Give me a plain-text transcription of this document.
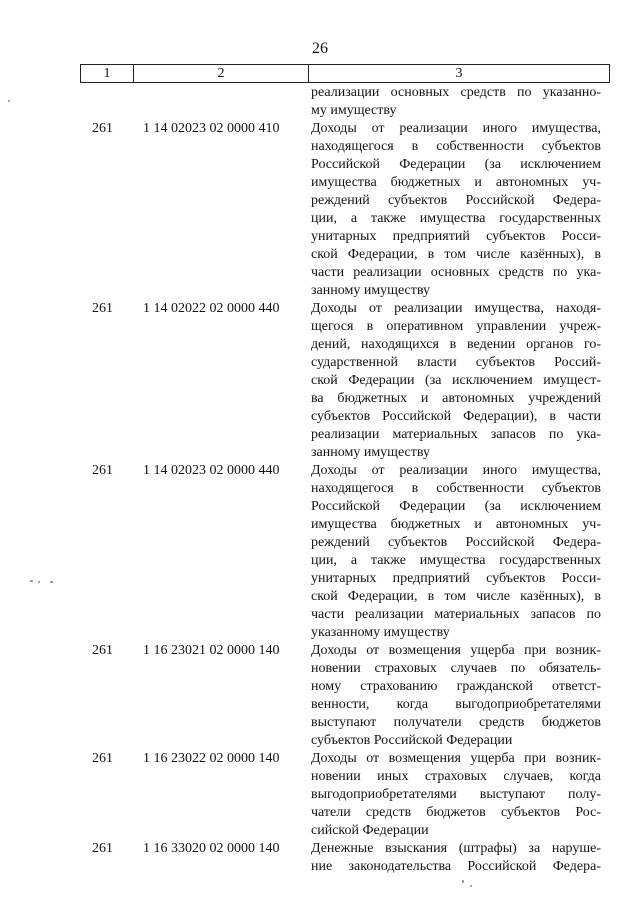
26
1	2	3
реализации основных средств по указанно-
му имуществу
261	1 14 02023 02 0000 410	Доходы от реализации иного имущества,
находящегося в собственности субъектов
Российской Федерации (за исключением
имущества бюджетных и автономных уч-
реждений субъектов Российской Федера-
ции, а также имущества государственных
унитарных предприятий субъектов Росси-
ской Федерации, в том числе казённых), в
части реализации основных средств по ука-
занному имуществу
261	1 14 02022 02 0000 440	Доходы от реализации имущества, находя-
щегося в оперативном управлении учреж-
дений, находящихся в ведении органов го-
сударственной власти субъектов Россий-
ской Федерации (за исключением имущест-
ва бюджетных и автономных учреждений
субъектов Российской Федерации), в части
реализации материальных запасов по ука-
занному имуществу
261	1 14 02023 02 0000 440	Доходы от реализации иного имущества,
находящегося в собственности субъектов
Российской Федерации (за исключением
имущества бюджетных и автономных уч-
реждений субъектов Российской Федера-
ции, а также имущества государственных
унитарных предприятий субъектов Росси-
ской Федерации, в том числе казённых), в
части реализации материальных запасов по
указанному имуществу
261	1 16 23021 02 0000 140	Доходы от возмещения ущерба при возник-
новении страховых случаев по обязатель-
ному страхованию гражданской ответст-
венности, когда выгодоприобретателями
выступают получатели средств бюджетов
субъектов Российской Федерации
261	1 16 23022 02 0000 140	Доходы от возмещения ущерба при возник-
новении иных страховых случаев, когда
выгодоприобретателями выступают полу-
чатели средств бюджетов субъектов Рос-
сийской Федерации
261	1 16 33020 02 0000 140	Денежные взыскания (штрафы) за наруше-
ние законодательства Российской Федера-
